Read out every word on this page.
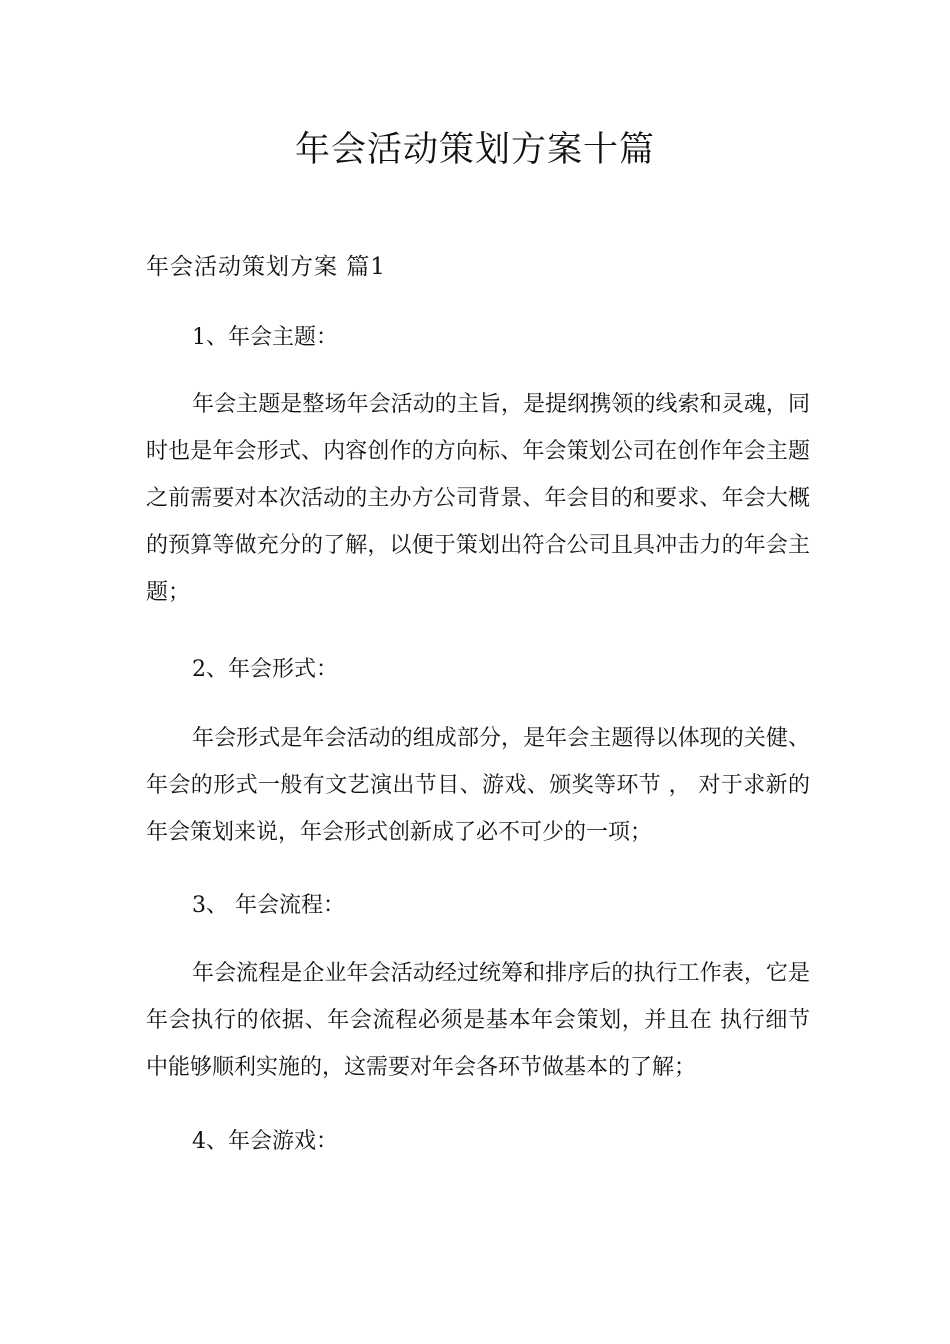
年会活动策划方案十篇
年会活动策划方案 篇1
1、年会主题：

年会主题是整场年会活动的主旨，是提纲携领的线索和灵魂，同时也是年会形式、内容创作的方向标、年会策划公司在创作年会主题之前需要对本次活动的主办方公司背景、年会目的和要求、年会大概的预算等做充分的了解，以便于策划出符合公司且具冲击力的年会主题；

2、年会形式：

年会形式是年会活动的组成部分，是年会主题得以体现的关健、年会的形式一般有文艺演出节目、游戏、颁奖等环节 ， 对于求新的年会策划来说，年会形式创新成了必不可少的一项；

3、 年会流程：

年会流程是企业年会活动经过统筹和排序后的执行工作表，它是年会执行的依据、年会流程必须是基本年会策划，并且在 执行细节中能够顺利实施的，这需要对年会各环节做基本的了解；

4、年会游戏：
